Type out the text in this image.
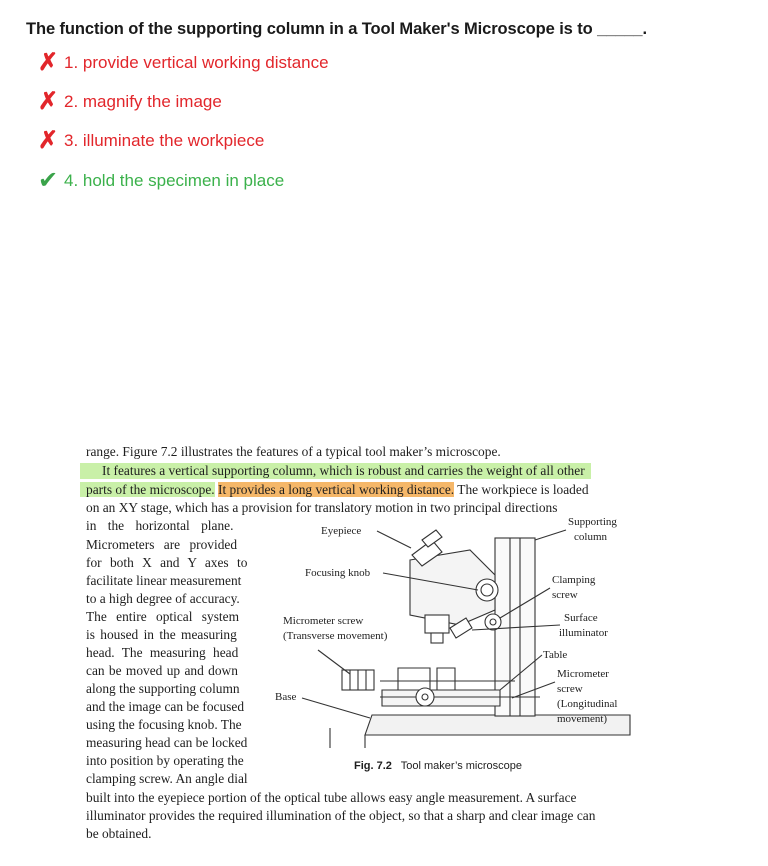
The function of the supporting column in a Tool Maker's Microscope is to _____.
✗ 1. provide vertical working distance
✗ 2. magnify the image
✗ 3. illuminate the workpiece
✔ 4. hold the specimen in place
range. Figure 7.2 illustrates the features of a typical tool maker’s microscope.
It features a vertical supporting column, which is robust and carries the weight of all other
parts of the microscope. It provides a long vertical working distance. The workpiece is loaded
on an XY stage, which has a provision for translatory motion in two principal directions
in the horizontal plane.
Micrometers are provided
for both X and Y axes to
facilitate linear measurement
to a high degree of accuracy.
The entire optical system
is housed in the measuring
head. The measuring head
can be moved up and down
along the supporting column
and the image can be focused
using the focusing knob. The
measuring head can be locked
into position by operating the
clamping screw. An angle dial
built into the eyepiece portion of the optical tube allows easy angle measurement. A surface
illuminator provides the required illumination of the object, so that a sharp and clear image can
be obtained.
Eyepiece
Supporting
column
Focusing knob
Clamping
screw
Micrometer screw
(Transverse movement)
Surface
illuminator
Table
Micrometer
screw
(Longitudinal
movement)
Base
Fig. 7.2 Tool maker’s microscope
